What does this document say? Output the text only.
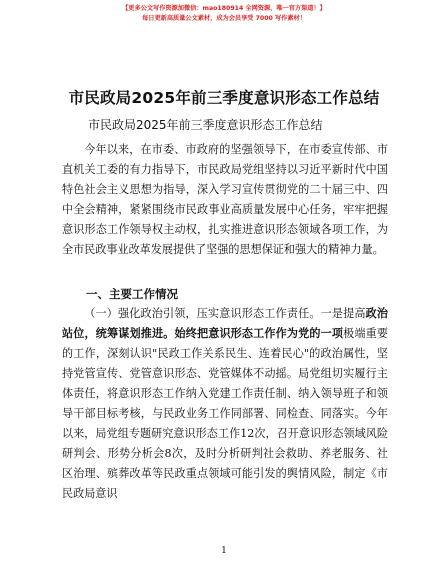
【更多公文写作资源加微信：mao180914 全网资源，唯一官方渠道！】
每日更新高质量公文素材，成为会员享受 7000 写作素材！
市民政局2025年前三季度意识形态工作总结
市民政局2025年前三季度意识形态工作总结

今年以来，在市委、市政府的坚强领导下，在市委宣传部、市直机关工委的有力指导下，市民政局党组坚持以习近平新时代中国特色社会主义思想为指导，深入学习宣传贯彻党的二十届三中、四中全会精神，紧紧围绕市民政事业高质量发展中心任务，牢牢把握意识形态工作领导权主动权，扎实推进意识形态领域各项工作，为全市民政事业改革发展提供了坚强的思想保证和强大的精神力量。

一、主要工作情况

（一）强化政治引领，压实意识形态工作责任。一是提高政治站位，统筹谋划推进。始终把意识形态工作作为党的一项极端重要的工作，深刻认识"民政工作关系民生、连着民心"的政治属性，坚持党管宣传、党管意识形态、党管媒体不动摇。局党组切实履行主体责任，将意识形态工作纳入党建工作责任制、纳入领导班子和领导干部目标考核，与民政业务工作同部署、同检查、同落实。今年以来，局党组专题研究意识形态工作12次，召开意识形态领域风险研判会、形势分析会8次，及时分析研判社会救助、养老服务、社区治理、殡葬改革等民政重点领域可能引发的舆情风险，制定《市民政局意识

1
